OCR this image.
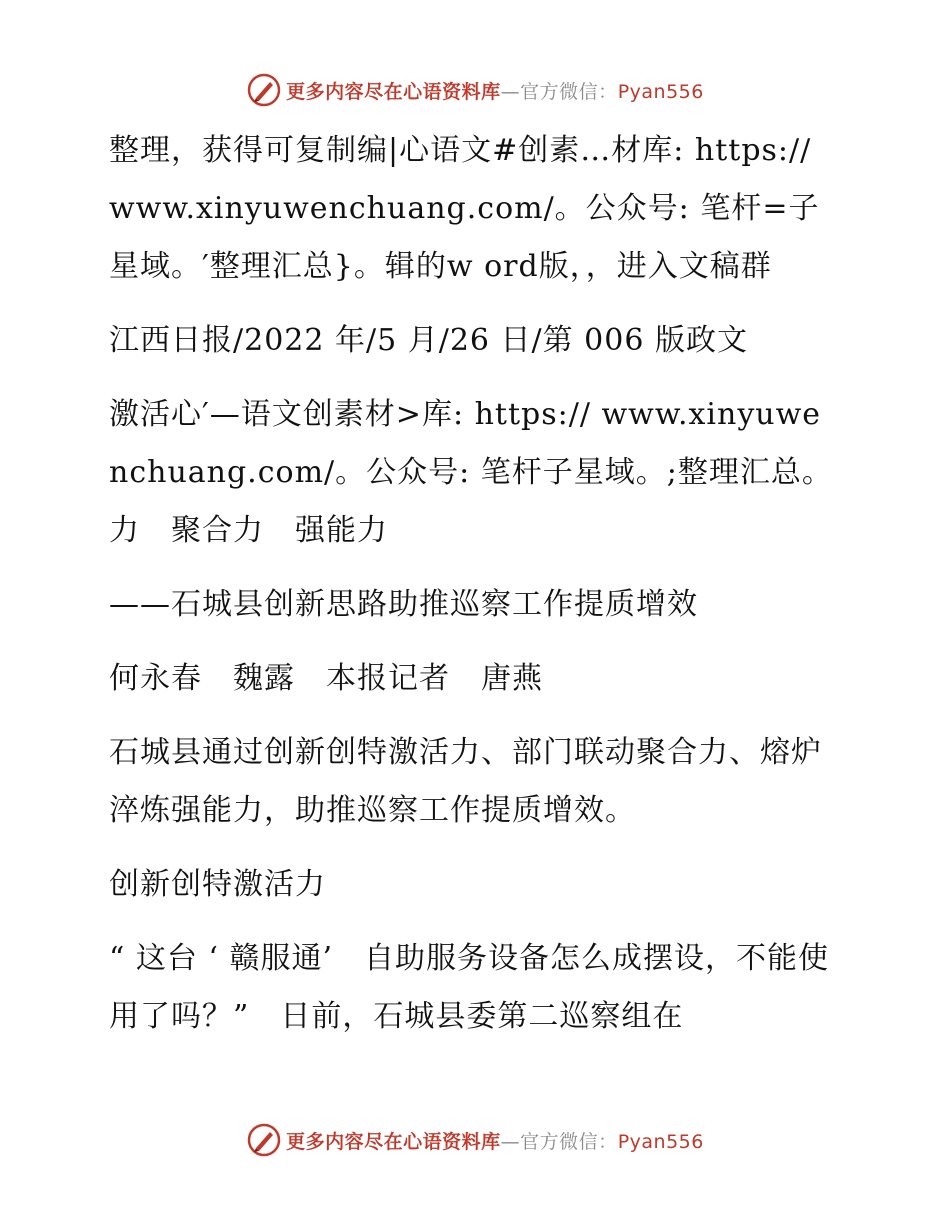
更多内容尽在心语资料库—官方微信：Pyan556

整理，获得可复制编|心语文#创素…材库: https://www.xinyuwenchuang.com/。公众号: 笔杆=子星域。′整理汇总}。辑的w ord版，，进入文稿群

江西日报/2022 年/5 月/26 日/第 006 版政文

激活心′—语文创素材>库: https:// www.xinyuwenchuang.com/。公众号: 笔杆子星域。;整理汇总。力　聚合力　强能力

——石城县创新思路助推巡察工作提质增效

何永春　魏露　本报记者　唐燕

石城县通过创新创特激活力、部门联动聚合力、熔炉淬炼强能力，助推巡察工作提质增效。

创新创特激活力

“ 这台 ‘ 赣服通’　自助服务设备怎么成摆设，不能使用了吗？”　日前，石城县委第二巡察组在

更多内容尽在心语资料库—官方微信：Pyan556
